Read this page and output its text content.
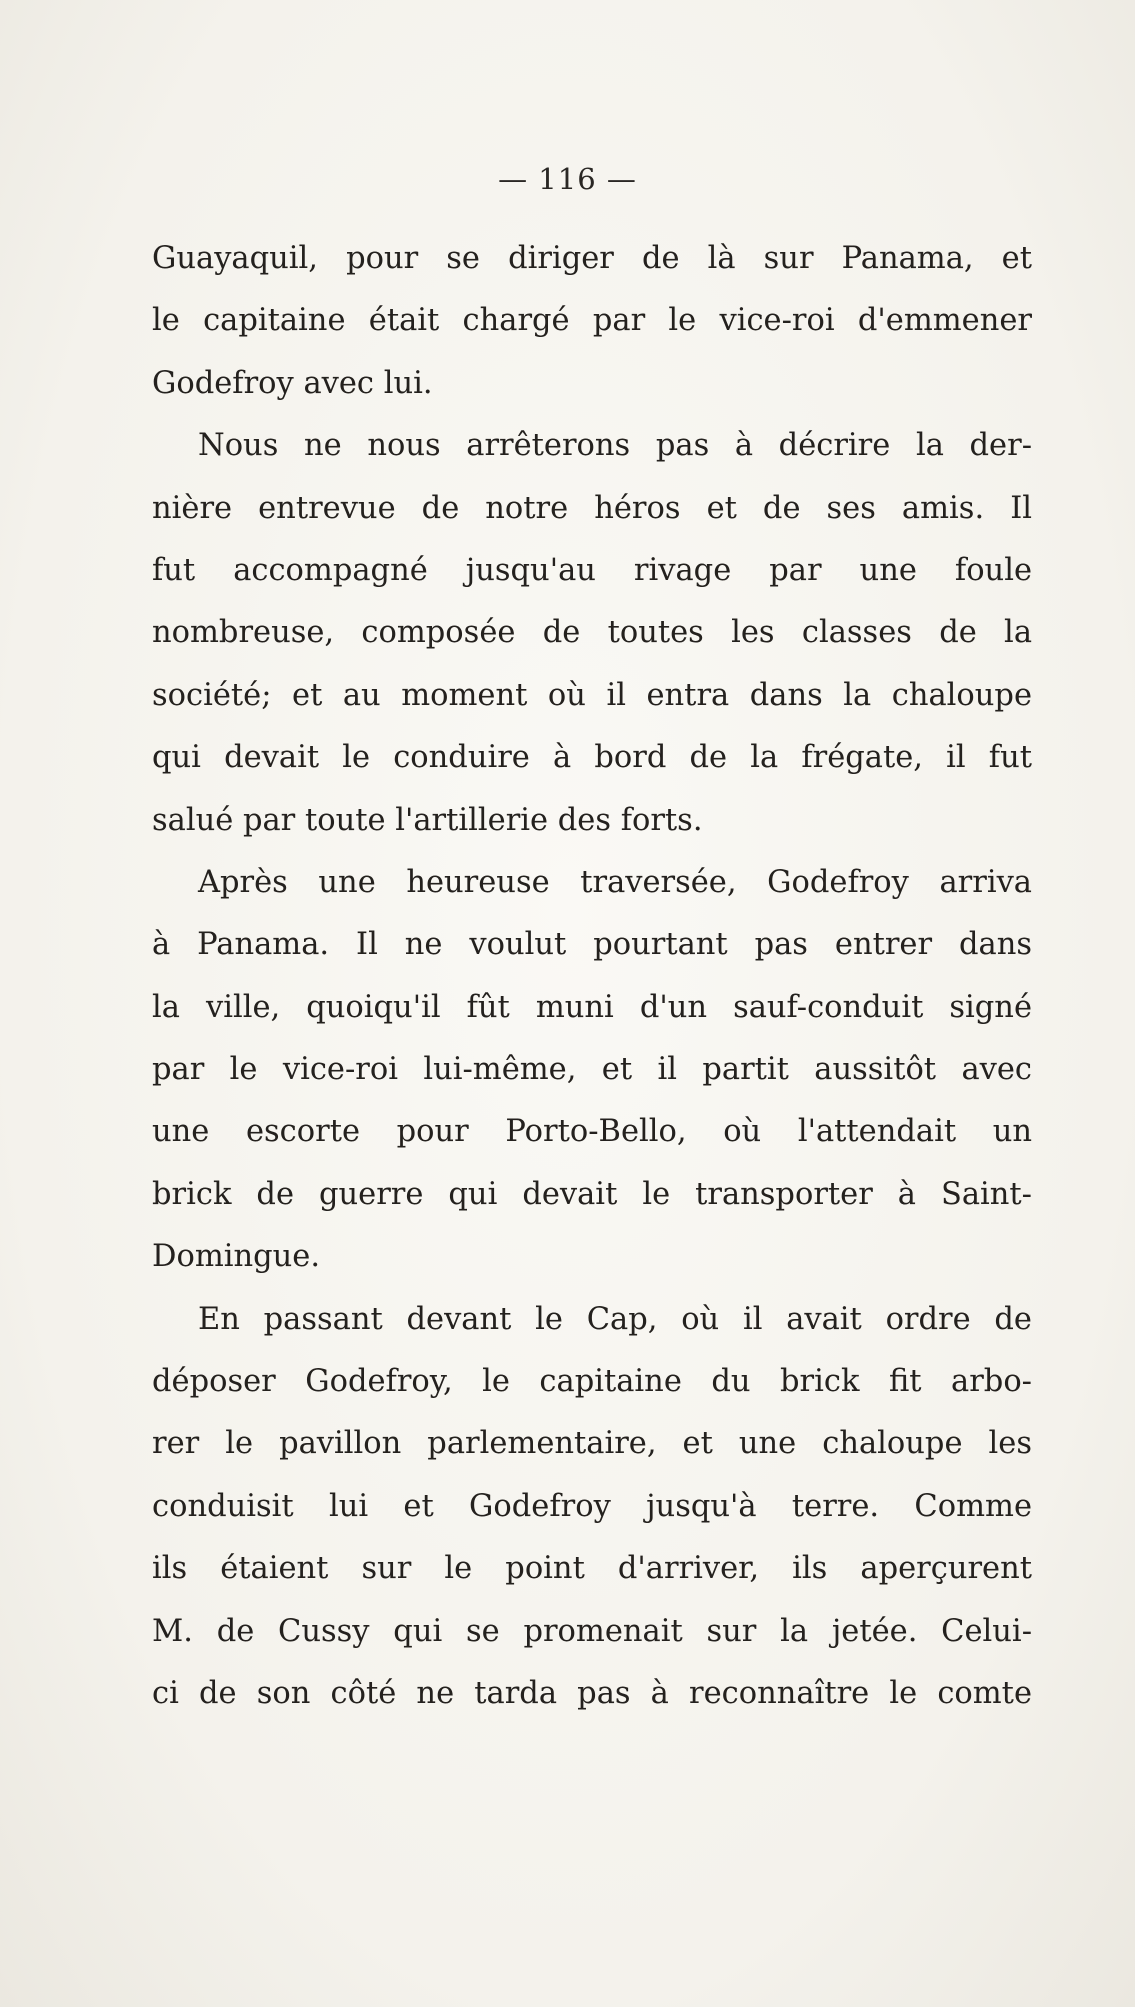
— 116 —
Guayaquil, pour se diriger de là sur Panama, et
le capitaine était chargé par le vice-roi d'emmener
Godefroy avec lui.
Nous ne nous arrêterons pas à décrire la der-
nière entrevue de notre héros et de ses amis. Il
fut accompagné jusqu'au rivage par une foule
nombreuse, composée de toutes les classes de la
société; et au moment où il entra dans la chaloupe
qui devait le conduire à bord de la frégate, il fut
salué par toute l'artillerie des forts.
Après une heureuse traversée, Godefroy arriva
à Panama. Il ne voulut pourtant pas entrer dans
la ville, quoiqu'il fût muni d'un sauf-conduit signé
par le vice-roi lui-même, et il partit aussitôt avec
une escorte pour Porto-Bello, où l'attendait un
brick de guerre qui devait le transporter à Saint-
Domingue.
En passant devant le Cap, où il avait ordre de
déposer Godefroy, le capitaine du brick fit arbo-
rer le pavillon parlementaire, et une chaloupe les
conduisit lui et Godefroy jusqu'à terre. Comme
ils étaient sur le point d'arriver, ils aperçurent
M. de Cussy qui se promenait sur la jetée. Celui-
ci de son côté ne tarda pas à reconnaître le comte
